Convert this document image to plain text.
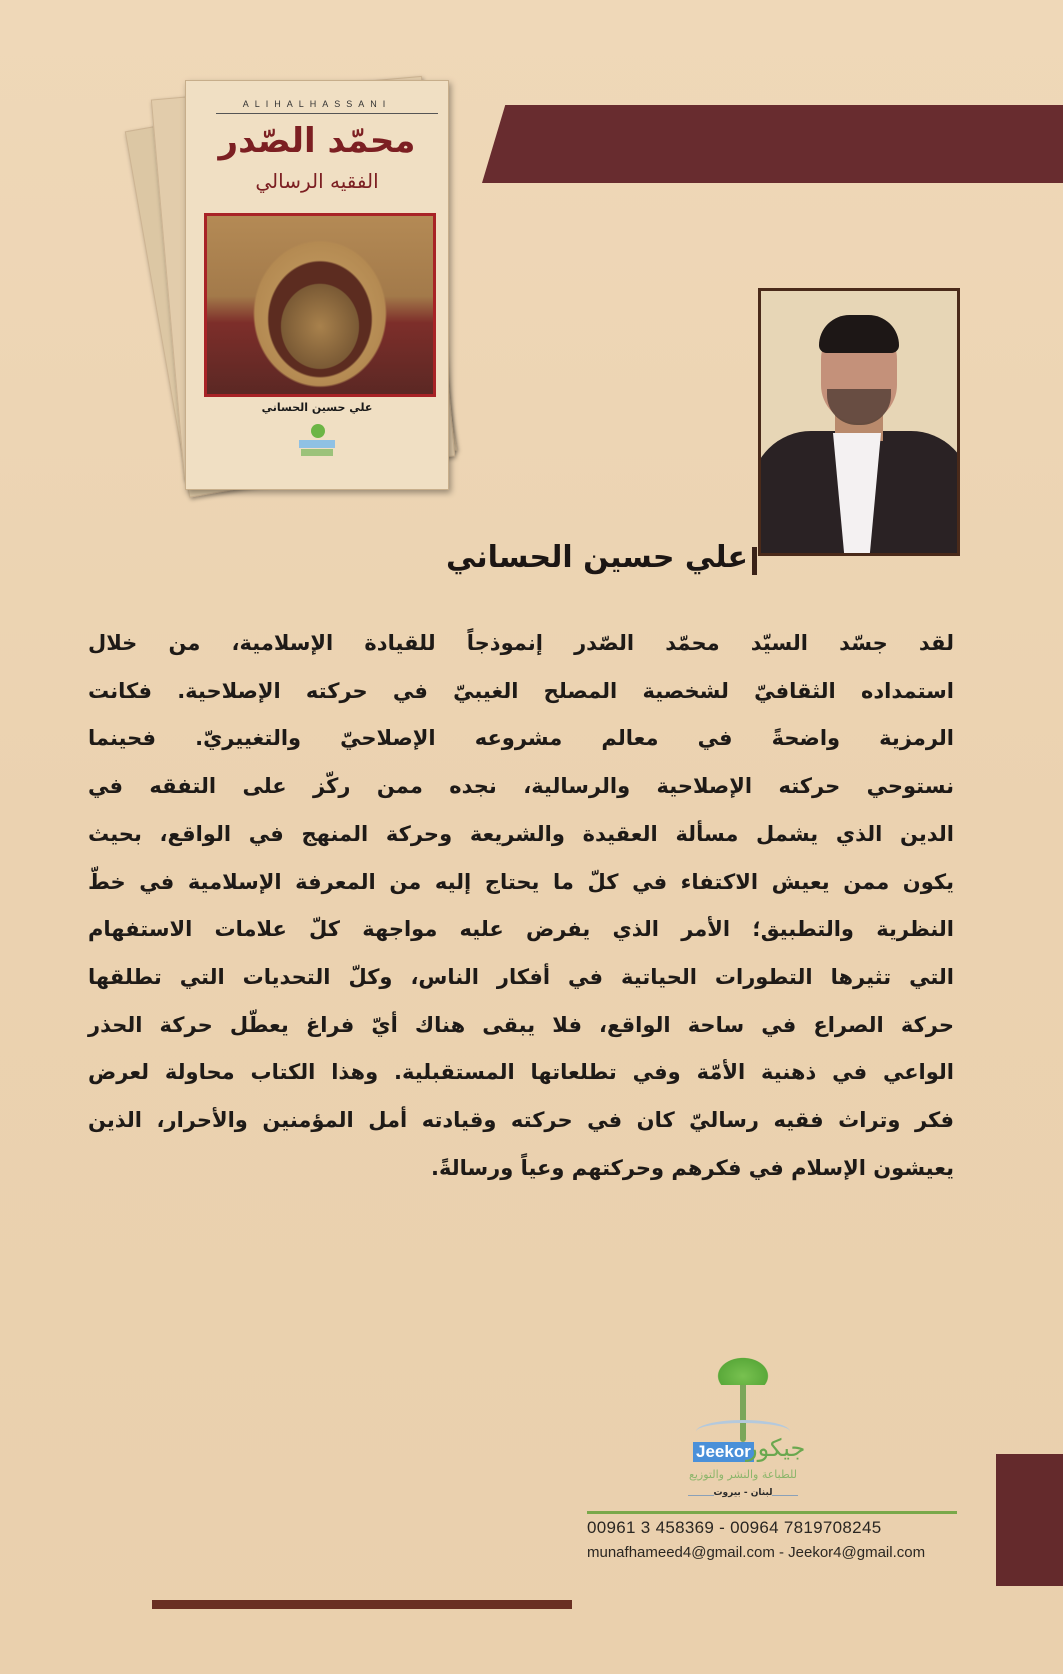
ALIHALHASSANI
محمّد الصّدر
الفقيه الرسالي
علي حسين الحساني
علي حسين الحساني
لقد جسّد السيّد محمّد الصّدر إنموذجاً للقيادة الإسلامية، من خلال
استمداده الثقافيّ لشخصية المصلح الغيبيّ في حركته الإصلاحية. فكانت
الرمزية واضحةً في معالم مشروعه الإصلاحيّ والتغييريّ. فحينما
نستوحي حركته الإصلاحية والرسالية، نجده ممن ركّز على التفقه في
الدين الذي يشمل مسألة العقيدة والشريعة وحركة المنهج في الواقع، بحيث
يكون ممن يعيش الاكتفاء في كلّ ما يحتاج إليه من المعرفة الإسلامية في خطّ
النظرية والتطبيق؛ الأمر الذي يفرض عليه مواجهة كلّ علامات الاستفهام
التي تثيرها التطورات الحياتية في أفكار الناس، وكلّ التحديات التي تطلقها
حركة الصراع في ساحة الواقع، فلا يبقى هناك أيّ فراغ يعطّل حركة الحذر
الواعي في ذهنية الأمّة وفي تطلعاتها المستقبلية. وهذا الكتاب محاولة لعرض
فكر وتراث فقيه رساليّ كان في حركته وقيادته أمل المؤمنين والأحرار، الذين
يعيشون الإسلام في فكرهم وحركتهم وعياً ورسالةً.
Jeekor
جيكور
للطباعة والنشر والتوزيع
لبنان - بيروت
00961 3 458369 - 00964 7819708245
munafhameed4@gmail.com - Jeekor4@gmail.com
